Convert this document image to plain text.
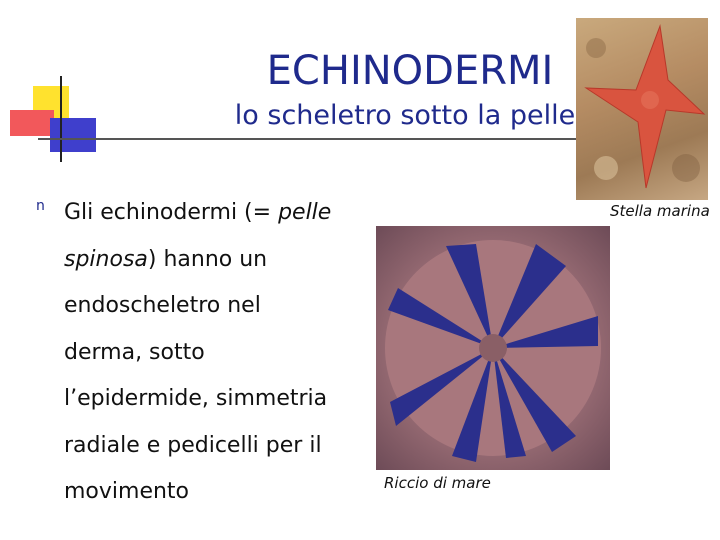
ECHINODERMI
lo scheletro sotto la pelle
Stella marina
Riccio di mare
n Gli echinodermi (= pelle
spinosa) hanno un
endoscheletro nel
derma, sotto
l’epidermide, simmetria
radiale e pedicelli per il
movimento
